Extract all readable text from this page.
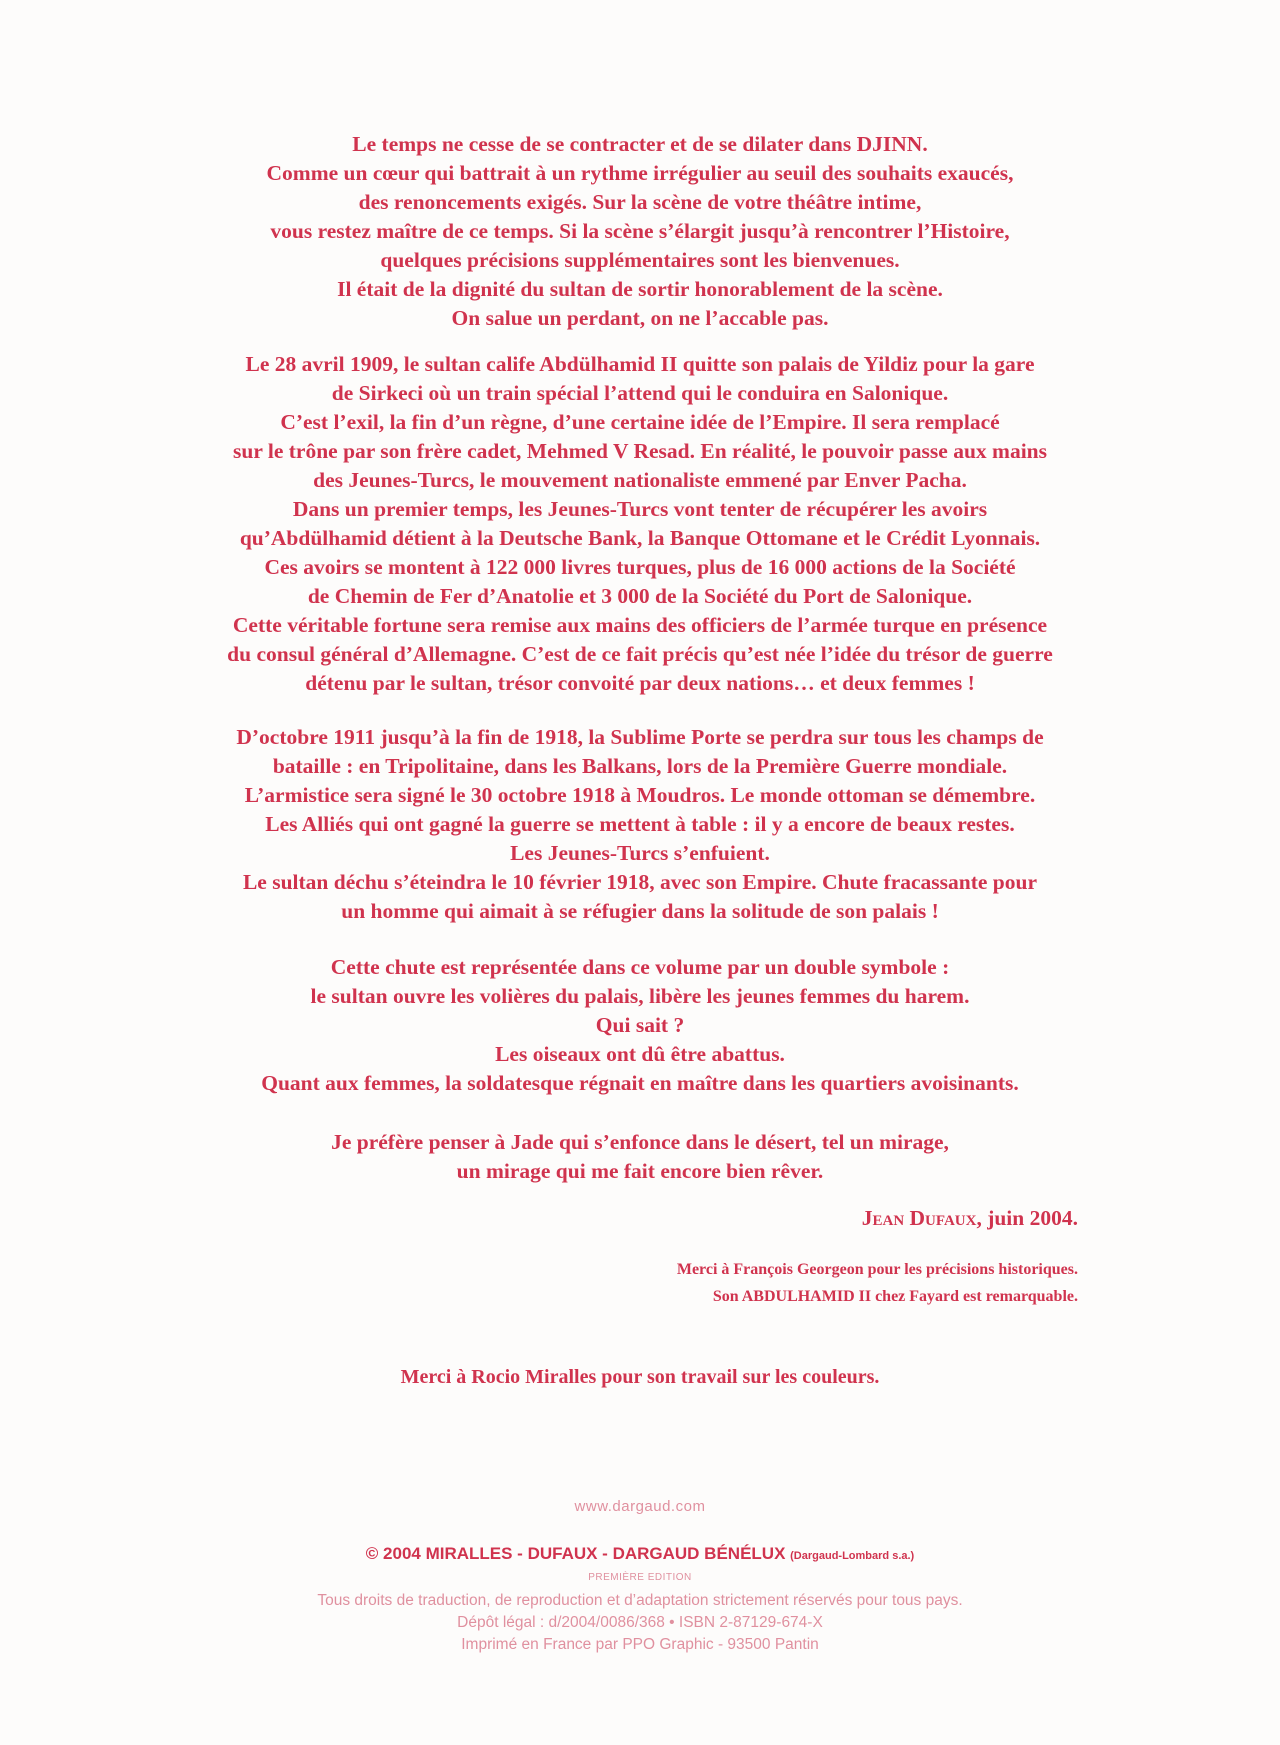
Le temps ne cesse de se contracter et de se dilater dans DJINN.
Comme un cœur qui battrait à un rythme irrégulier au seuil des souhaits exaucés,
des renoncements exigés. Sur la scène de votre théâtre intime,
vous restez maître de ce temps. Si la scène s’élargit jusqu’à rencontrer l’Histoire,
quelques précisions supplémentaires sont les bienvenues.
Il était de la dignité du sultan de sortir honorablement de la scène.
On salue un perdant, on ne l’accable pas.
Le 28 avril 1909, le sultan calife Abdülhamid II quitte son palais de Yildiz pour la gare
de Sirkeci où un train spécial l’attend qui le conduira en Salonique.
C’est l’exil, la fin d’un règne, d’une certaine idée de l’Empire. Il sera remplacé
sur le trône par son frère cadet, Mehmed V Resad. En réalité, le pouvoir passe aux mains
des Jeunes-Turcs, le mouvement nationaliste emmené par Enver Pacha.
Dans un premier temps, les Jeunes-Turcs vont tenter de récupérer les avoirs
qu’Abdülhamid détient à la Deutsche Bank, la Banque Ottomane et le Crédit Lyonnais.
Ces avoirs se montent à 122 000 livres turques, plus de 16 000 actions de la Société
de Chemin de Fer d’Anatolie et 3 000 de la Société du Port de Salonique.
Cette véritable fortune sera remise aux mains des officiers de l’armée turque en présence
du consul général d’Allemagne. C’est de ce fait précis qu’est née l’idée du trésor de guerre
détenu par le sultan, trésor convoité par deux nations… et deux femmes !
D’octobre 1911 jusqu’à la fin de 1918, la Sublime Porte se perdra sur tous les champs de
bataille : en Tripolitaine, dans les Balkans, lors de la Première Guerre mondiale.
L’armistice sera signé le 30 octobre 1918 à Moudros. Le monde ottoman se démembre.
Les Alliés qui ont gagné la guerre se mettent à table : il y a encore de beaux restes.
Les Jeunes-Turcs s’enfuient.
Le sultan déchu s’éteindra le 10 février 1918, avec son Empire. Chute fracassante pour
un homme qui aimait à se réfugier dans la solitude de son palais !
Cette chute est représentée dans ce volume par un double symbole :
le sultan ouvre les volières du palais, libère les jeunes femmes du harem.
Qui sait ?
Les oiseaux ont dû être abattus.
Quant aux femmes, la soldatesque régnait en maître dans les quartiers avoisinants.
Je préfère penser à Jade qui s’enfonce dans le désert, tel un mirage,
un mirage qui me fait encore bien rêver.
Jean Dufaux, juin 2004.
Merci à François Georgeon pour les précisions historiques.
Son ABDULHAMID II chez Fayard est remarquable.
Merci à Rocio Miralles pour son travail sur les couleurs.
www.dargaud.com
© 2004 MIRALLES - DUFAUX - DARGAUD BÉNÉLUX (Dargaud-Lombard s.a.)
PREMIÈRE EDITION
Tous droits de traduction, de reproduction et d’adaptation strictement réservés pour tous pays.
Dépôt légal : d/2004/0086/368 • ISBN 2-87129-674-X
Imprimé en France par PPO Graphic - 93500 Pantin
